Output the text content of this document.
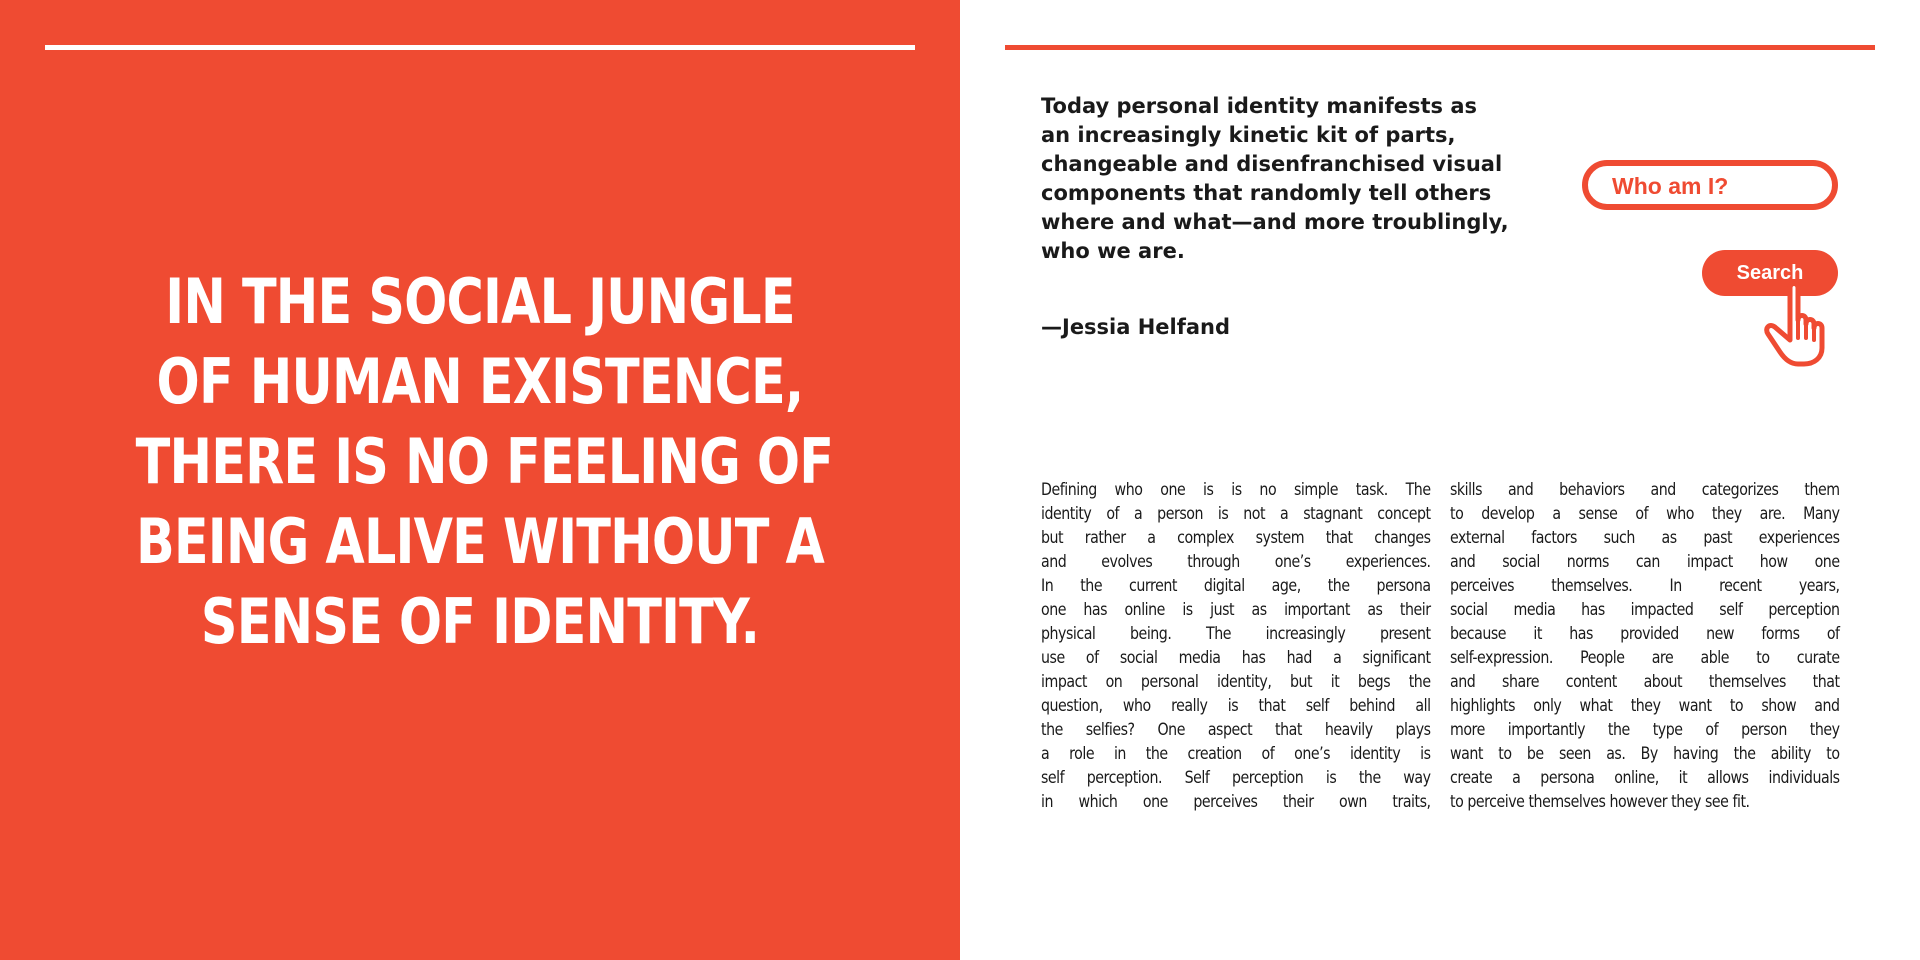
IN THE SOCIAL JUNGLE
OF HUMAN EXISTENCE,
THERE IS NO FEELING OF
BEING ALIVE WITHOUT A
SENSE OF IDENTITY.
Today personal identity manifests as
an increasingly kinetic kit of parts,
changeable and disenfranchised visual
components that randomly tell others
where and what—and more troublingly,
who we are.
—Jessia Helfand
Who am I?
Search
Defining who one is is no simple task. The
identity of a person is not a stagnant concept
but rather a complex system that changes
and evolves through one’s experiences.
In the current digital age, the persona
one has online is just as important as their
physical being. The increasingly present
use of social media has had a significant
impact on personal identity, but it begs the
question, who really is that self behind all
the selfies? One aspect that heavily plays
a role in the creation of one’s identity is
self perception. Self perception is the way
in which one perceives their own traits,
skills and behaviors and categorizes them
to develop a sense of who they are. Many
external factors such as past experiences
and social norms can impact how one
perceives themselves. In recent years,
social media has impacted self perception
because it has provided new forms of
self-expression. People are able to curate
and share content about themselves that
highlights only what they want to show and
more importantly the type of person they
want to be seen as. By having the ability to
create a persona online, it allows individuals
to perceive themselves however they see fit.
